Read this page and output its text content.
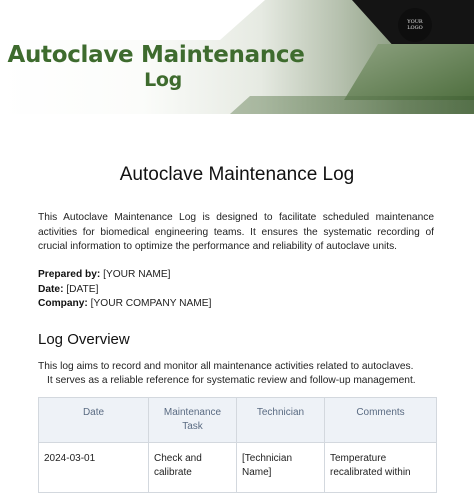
Autoclave Maintenance
Log
YOUR
LOGO
Autoclave Maintenance Log

This Autoclave Maintenance Log is designed to facilitate scheduled maintenance activities for biomedical engineering teams. It ensures the systematic recording of crucial information to optimize the performance and reliability of autoclave units.

Prepared by: [YOUR NAME]
Date: [DATE]
Company: [YOUR COMPANY NAME]
Log Overview
This log aims to record and monitor all maintenance activities related to autoclaves.
It serves as a reliable reference for systematic review and follow-up management.
Date	Maintenance Task	Technician	Comments
2024-03-01	Check and calibrate	[Technician Name]	Temperature recalibrated within
